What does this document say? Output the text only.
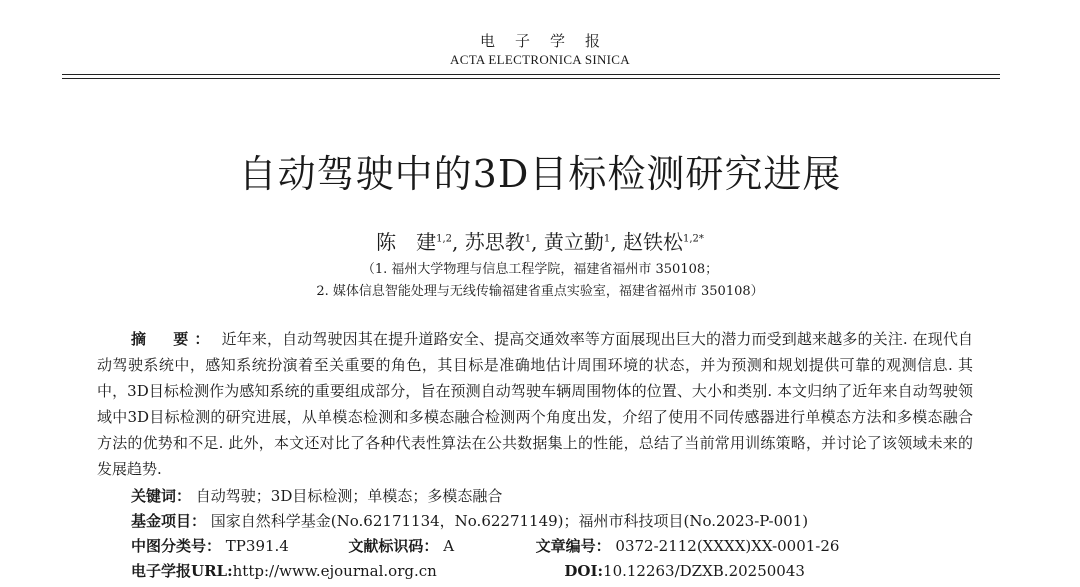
电子学报
ACTA ELECTRONICA SINICA
自动驾驶中的3D目标检测研究进展
陈　建$^{1,2}$, 苏思教$^1$, 黄立勤$^1$, 赵铁松$^{1,2*}$
（1. 福州大学物理与信息工程学院，福建省福州市 350108；
2. 媒体信息智能处理与无线传输福建省重点实验室，福建省福州市 350108）
摘　要： 近年来，自动驾驶因其在提升道路安全、提高交通效率等方面展现出巨大的潜力而受到越来越多的关注. 在现代自动驾驶系统中，感知系统扮演着至关重要的角色，其目标是准确地估计周围环境的状态，并为预测和规划提供可靠的观测信息. 其中，3D目标检测作为感知系统的重要组成部分，旨在预测自动驾驶车辆周围物体的位置、大小和类别. 本文归纳了近年来自动驾驶领域中3D目标检测的研究进展，从单模态检测和多模态融合检测两个角度出发，介绍了使用不同传感器进行单模态方法和多模态融合方法的优势和不足. 此外，本文还对比了各种代表性算法在公共数据集上的性能，总结了当前常用训练策略，并讨论了该领域未来的发展趋势.
关键词： 自动驾驶；3D目标检测；单模态；多模态融合
基金项目： 国家自然科学基金(No.62171134，No.62271149)；福州市科技项目(No.2023-P-001)
中图分类号： TP391.4	文献标识码： A	文章编号： 0372-2112(XXXX)XX-0001-26
电子学报URL:http://www.ejournal.org.cn	DOI:10.12263/DZXB.20250043
